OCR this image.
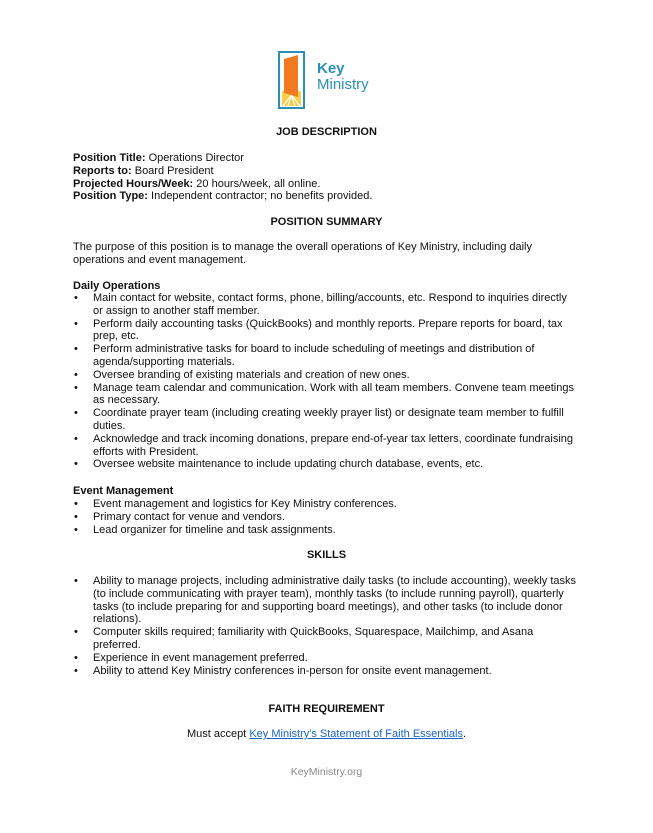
Key
Ministry
JOB DESCRIPTION
Position Title: Operations Director
Reports to: Board President
Projected Hours/Week: 20 hours/week, all online.
Position Type: Independent contractor; no benefits provided.
POSITION SUMMARY
The purpose of this position is to manage the overall operations of Key Ministry, including daily operations and event management.
Daily Operations
• Main contact for website, contact forms, phone, billing/accounts, etc. Respond to inquiries directly or assign to another staff member.
• Perform daily accounting tasks (QuickBooks) and monthly reports. Prepare reports for board, tax prep, etc.
• Perform administrative tasks for board to include scheduling of meetings and distribution of agenda/supporting materials.
• Oversee branding of existing materials and creation of new ones.
• Manage team calendar and communication. Work with all team members. Convene team meetings as necessary.
• Coordinate prayer team (including creating weekly prayer list) or designate team member to fulfill duties.
• Acknowledge and track incoming donations, prepare end-of-year tax letters, coordinate fundraising efforts with President.
• Oversee website maintenance to include updating church database, events, etc.
Event Management
• Event management and logistics for Key Ministry conferences.
• Primary contact for venue and vendors.
• Lead organizer for timeline and task assignments.
SKILLS
• Ability to manage projects, including administrative daily tasks (to include accounting), weekly tasks (to include communicating with prayer team), monthly tasks (to include running payroll), quarterly tasks (to include preparing for and supporting board meetings), and other tasks (to include donor relations).
• Computer skills required; familiarity with QuickBooks, Squarespace, Mailchimp, and Asana preferred.
• Experience in event management preferred.
• Ability to attend Key Ministry conferences in-person for onsite event management.
FAITH REQUIREMENT
Must accept Key Ministry's Statement of Faith Essentials.
KeyMinistry.org
